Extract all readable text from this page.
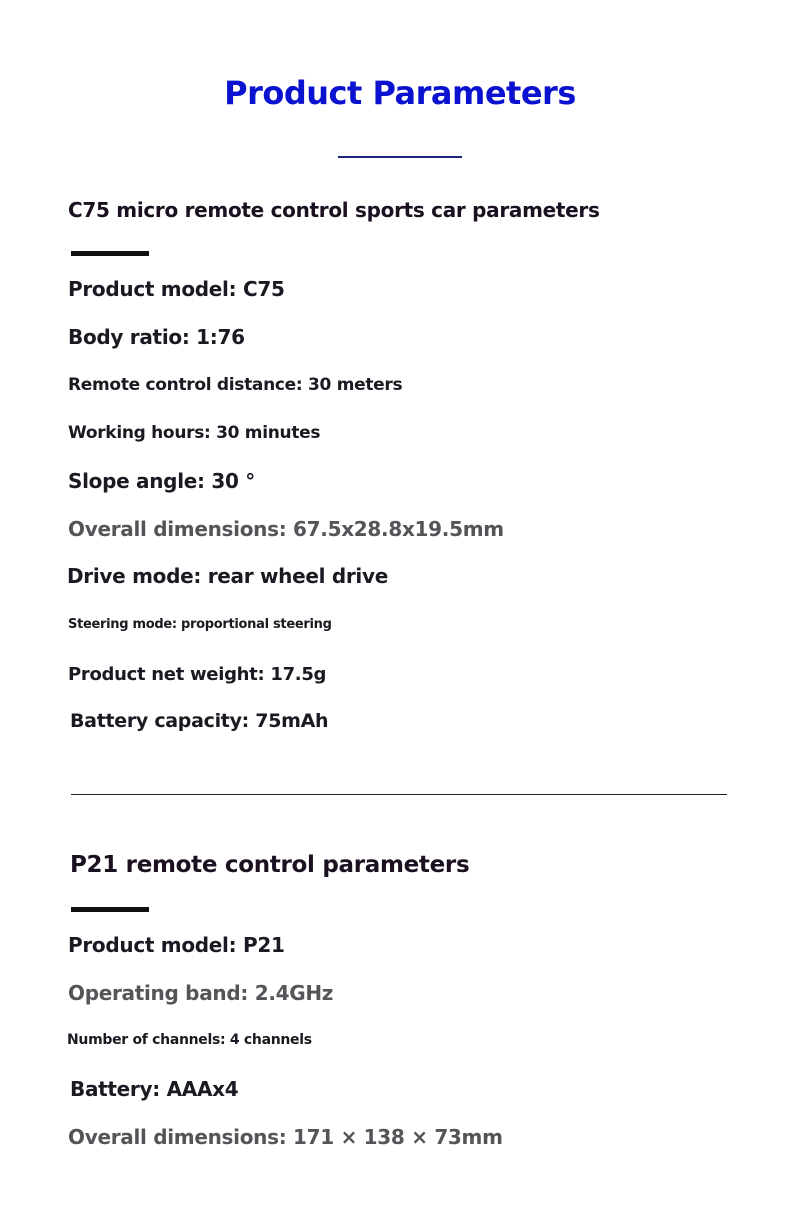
Product Parameters
C75 micro remote control sports car parameters
Product model: C75
Body ratio: 1:76
Remote control distance: 30 meters
Working hours: 30 minutes
Slope angle: 30 °
Overall dimensions: 67.5x28.8x19.5mm
Drive mode: rear wheel drive
Steering mode: proportional steering
Product net weight: 17.5g
Battery capacity: 75mAh
P21 remote control parameters
Product model: P21
Operating band: 2.4GHz
Number of channels: 4 channels
Battery: AAAx4
Overall dimensions: 171 × 138 × 73mm
